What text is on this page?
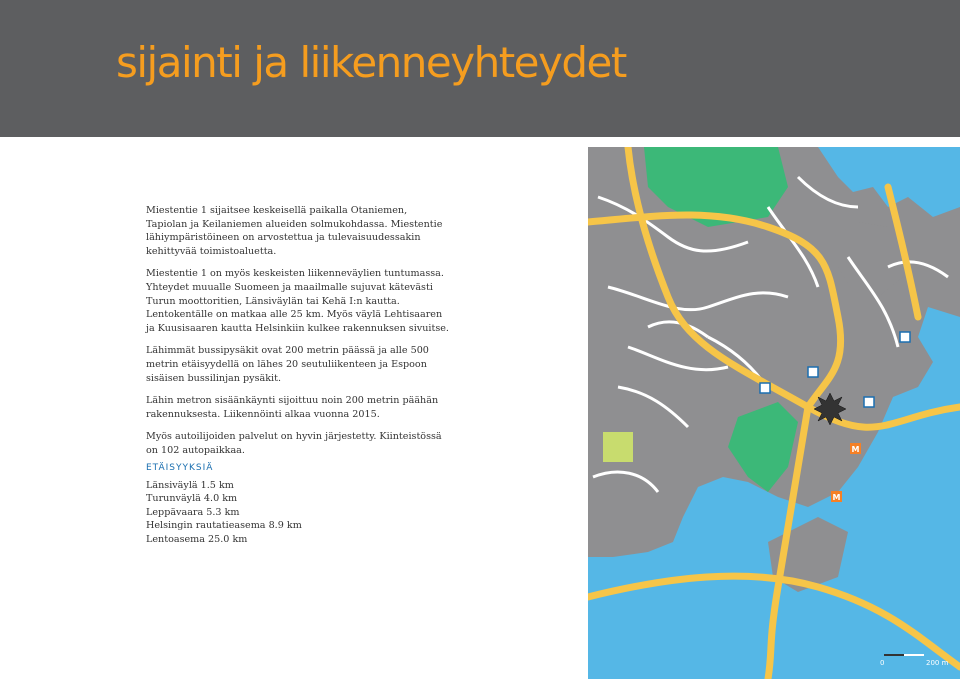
sijainti ja liikenneyhteydet

Miestentie 1 sijaitsee keskeisellä paikalla Otaniemen, Tapiolan ja Keilaniemen alueiden solmukohdassa. Miestentie lähiympäristöineen on arvostettua ja tulevaisuudessakin kehittyvää toimistoaluetta.

Miestentie 1 on myös keskeisten liikenneväylien tuntumassa. Yhteydet muualle Suomeen ja maailmalle sujuvat kätevästi Turun moottoritien, Länsiväylän tai Kehä I:n kautta. Lentokentälle on matkaa alle 25 km. Myös väylä Lehtisaaren ja Kuusisaaren kautta Helsinkiin kulkee rakennuksen sivuitse.

Lähimmät bussipysäkit ovat 200 metrin päässä ja alle 500 metrin etäisyydellä on lähes 20 seutuliikenteen ja Espoon sisäisen bussilinjan pysäkit.

Lähin metron sisäänkäynti sijoittuu noin 200 metrin päähän rakennuksesta. Liikennöinti alkaa vuonna 2015.

Myös autoilijoiden palvelut on hyvin järjestetty. Kiinteistössä on 102 autopaikkaa.

ETÄISYYKSIÄ
Länsiväylä 1.5 km
Turunväylä 4.0 km
Leppävaara 5.3 km
Helsingin rautatieasema 8.9 km
Lentoasema 25.0 km
M
M
0	200 m
